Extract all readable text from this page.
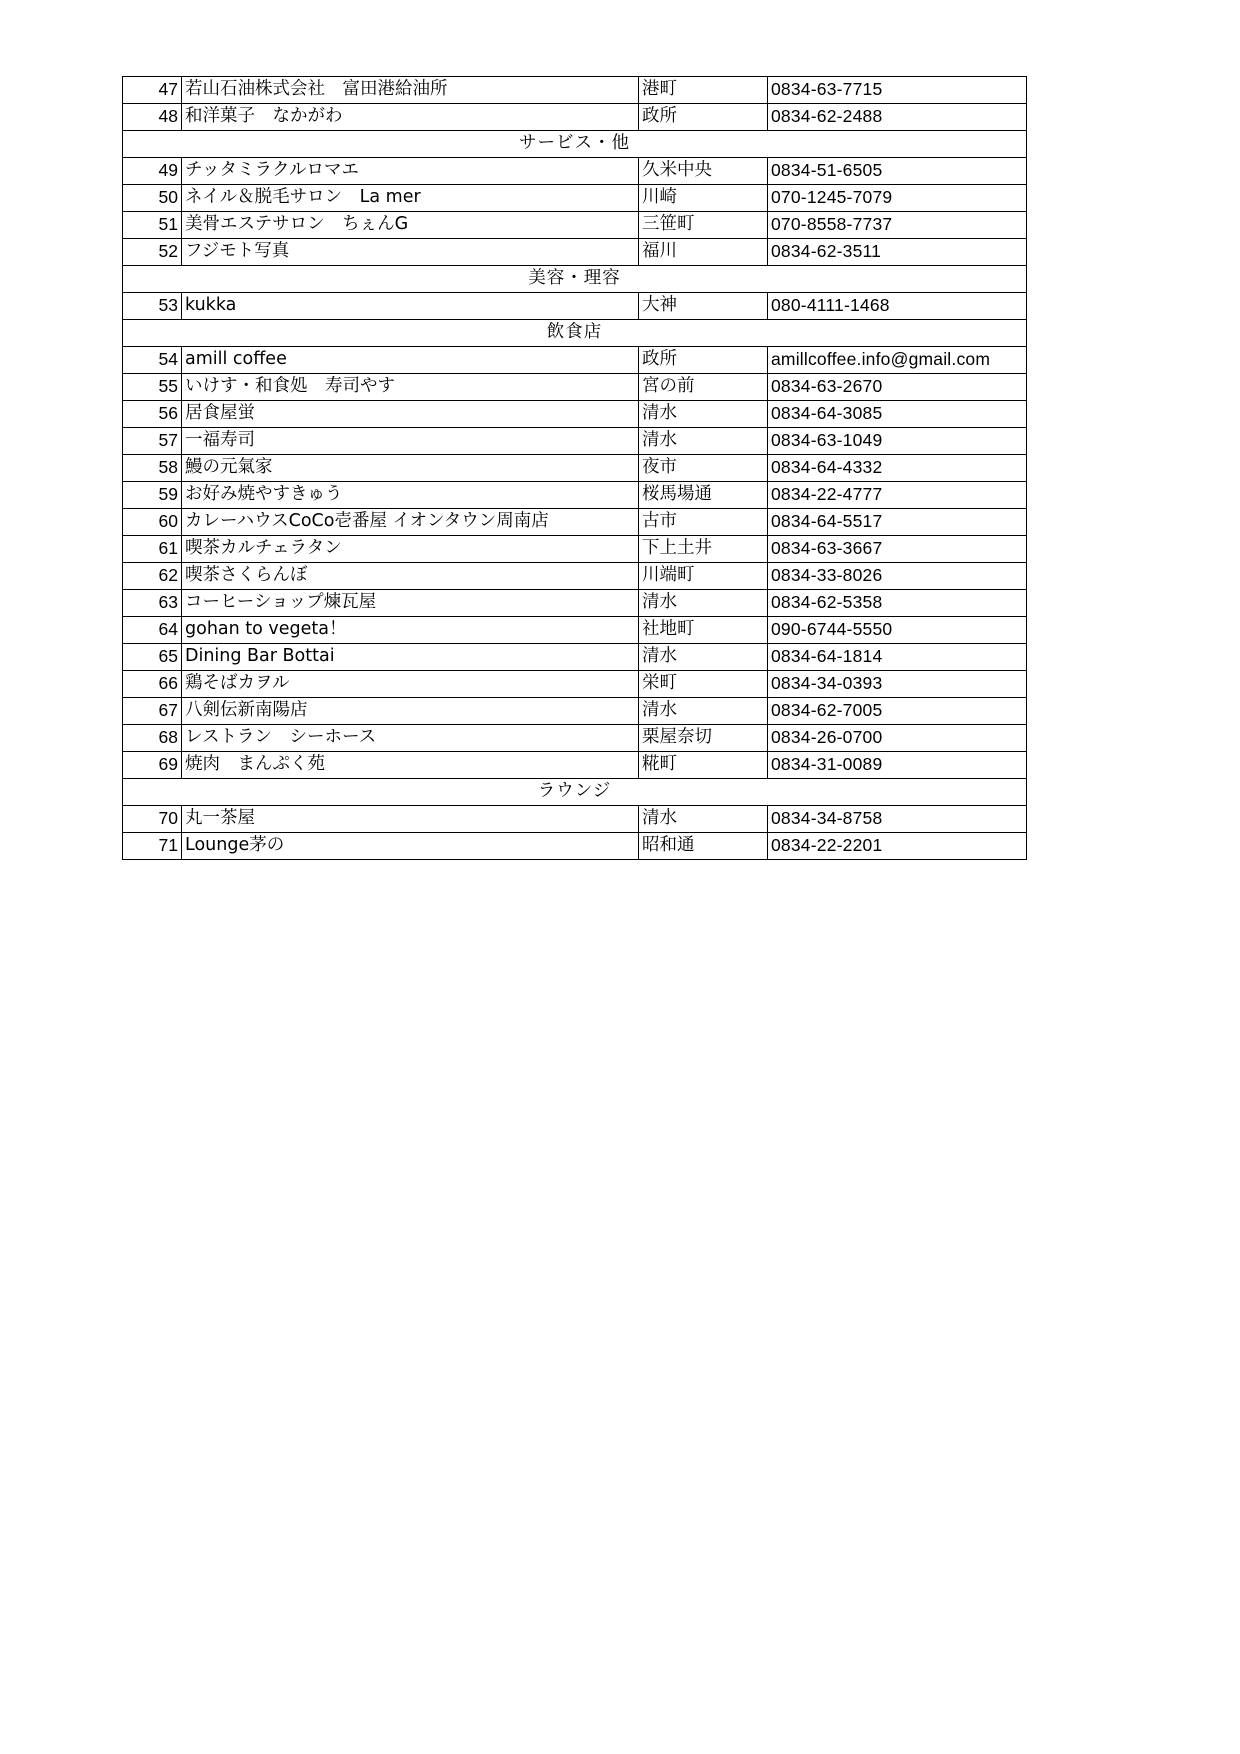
47	若山石油株式会社　富田港給油所	港町	0834-63-7715
48	和洋菓子　なかがわ	政所	0834-62-2488
サービス・他			
49	チッタミラクルロマエ	久米中央	0834-51-6505
50	ネイル＆脱毛サロン　La mer	川崎	070-1245-7079
51	美骨エステサロン　ちぇんG	三笹町	070-8558-7737
52	フジモト写真	福川	0834-62-3511
美容・理容			
53	kukka	大神	080-4111-1468
飲食店			
54	amill coffee	政所	amillcoffee.info@gmail.com
55	いけす・和食処　寿司やす	宮の前	0834-63-2670
56	居食屋蛍	清水	0834-64-3085
57	一福寿司	清水	0834-63-1049
58	鰻の元氣家	夜市	0834-64-4332
59	お好み焼やすきゅう	桜馬場通	0834-22-4777
60	カレーハウスCoCo壱番屋 イオンタウン周南店	古市	0834-64-5517
61	喫茶カルチェラタン	下上土井	0834-63-3667
62	喫茶さくらんぼ	川端町	0834-33-8026
63	コーヒーショップ煉瓦屋	清水	0834-62-5358
64	gohan to vegeta！	社地町	090-6744-5550
65	Dining Bar Bottai	清水	0834-64-1814
66	鶏そばカヲル	栄町	0834-34-0393
67	八剣伝新南陽店	清水	0834-62-7005
68	レストラン　シーホース	栗屋奈切	0834-26-0700
69	焼肉　まんぷく苑	糀町	0834-31-0089
ラウンジ			
70	丸一茶屋	清水	0834-34-8758
71	Lounge茅の	昭和通	0834-22-2201
